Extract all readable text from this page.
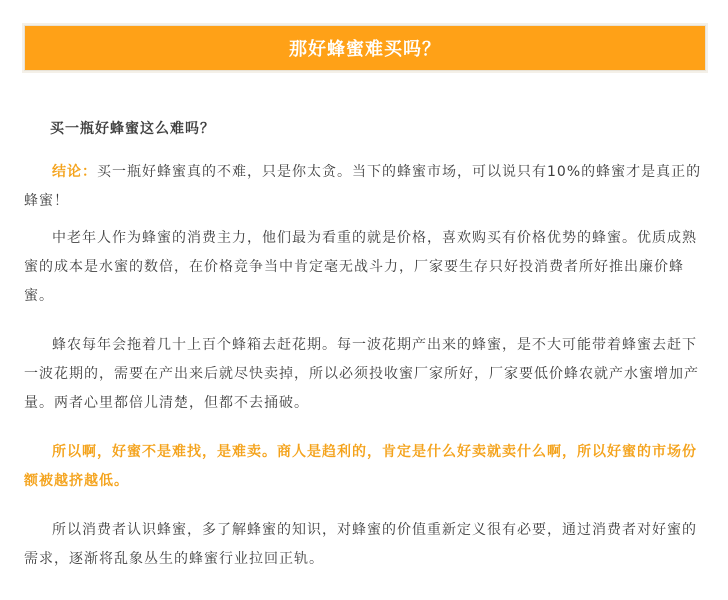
那好蜂蜜难买吗？

买一瓶好蜂蜜这么难吗？

结论：买一瓶好蜂蜜真的不难，只是你太贪。当下的蜂蜜市场，可以说只有10%的蜂蜜才是真正的蜂蜜！

中老年人作为蜂蜜的消费主力，他们最为看重的就是价格，喜欢购买有价格优势的蜂蜜。优质成熟蜜的成本是水蜜的数倍，在价格竞争当中肯定毫无战斗力，厂家要生存只好投消费者所好推出廉价蜂蜜。

蜂农每年会拖着几十上百个蜂箱去赶花期。每一波花期产出来的蜂蜜，是不大可能带着蜂蜜去赶下一波花期的，需要在产出来后就尽快卖掉，所以必须投收蜜厂家所好，厂家要低价蜂农就产水蜜增加产量。两者心里都倍儿清楚，但都不去捅破。

所以啊，好蜜不是难找，是难卖。商人是趋利的，肯定是什么好卖就卖什么啊，所以好蜜的市场份额被越挤越低。

所以消费者认识蜂蜜，多了解蜂蜜的知识，对蜂蜜的价值重新定义很有必要，通过消费者对好蜜的需求，逐渐将乱象丛生的蜂蜜行业拉回正轨。
